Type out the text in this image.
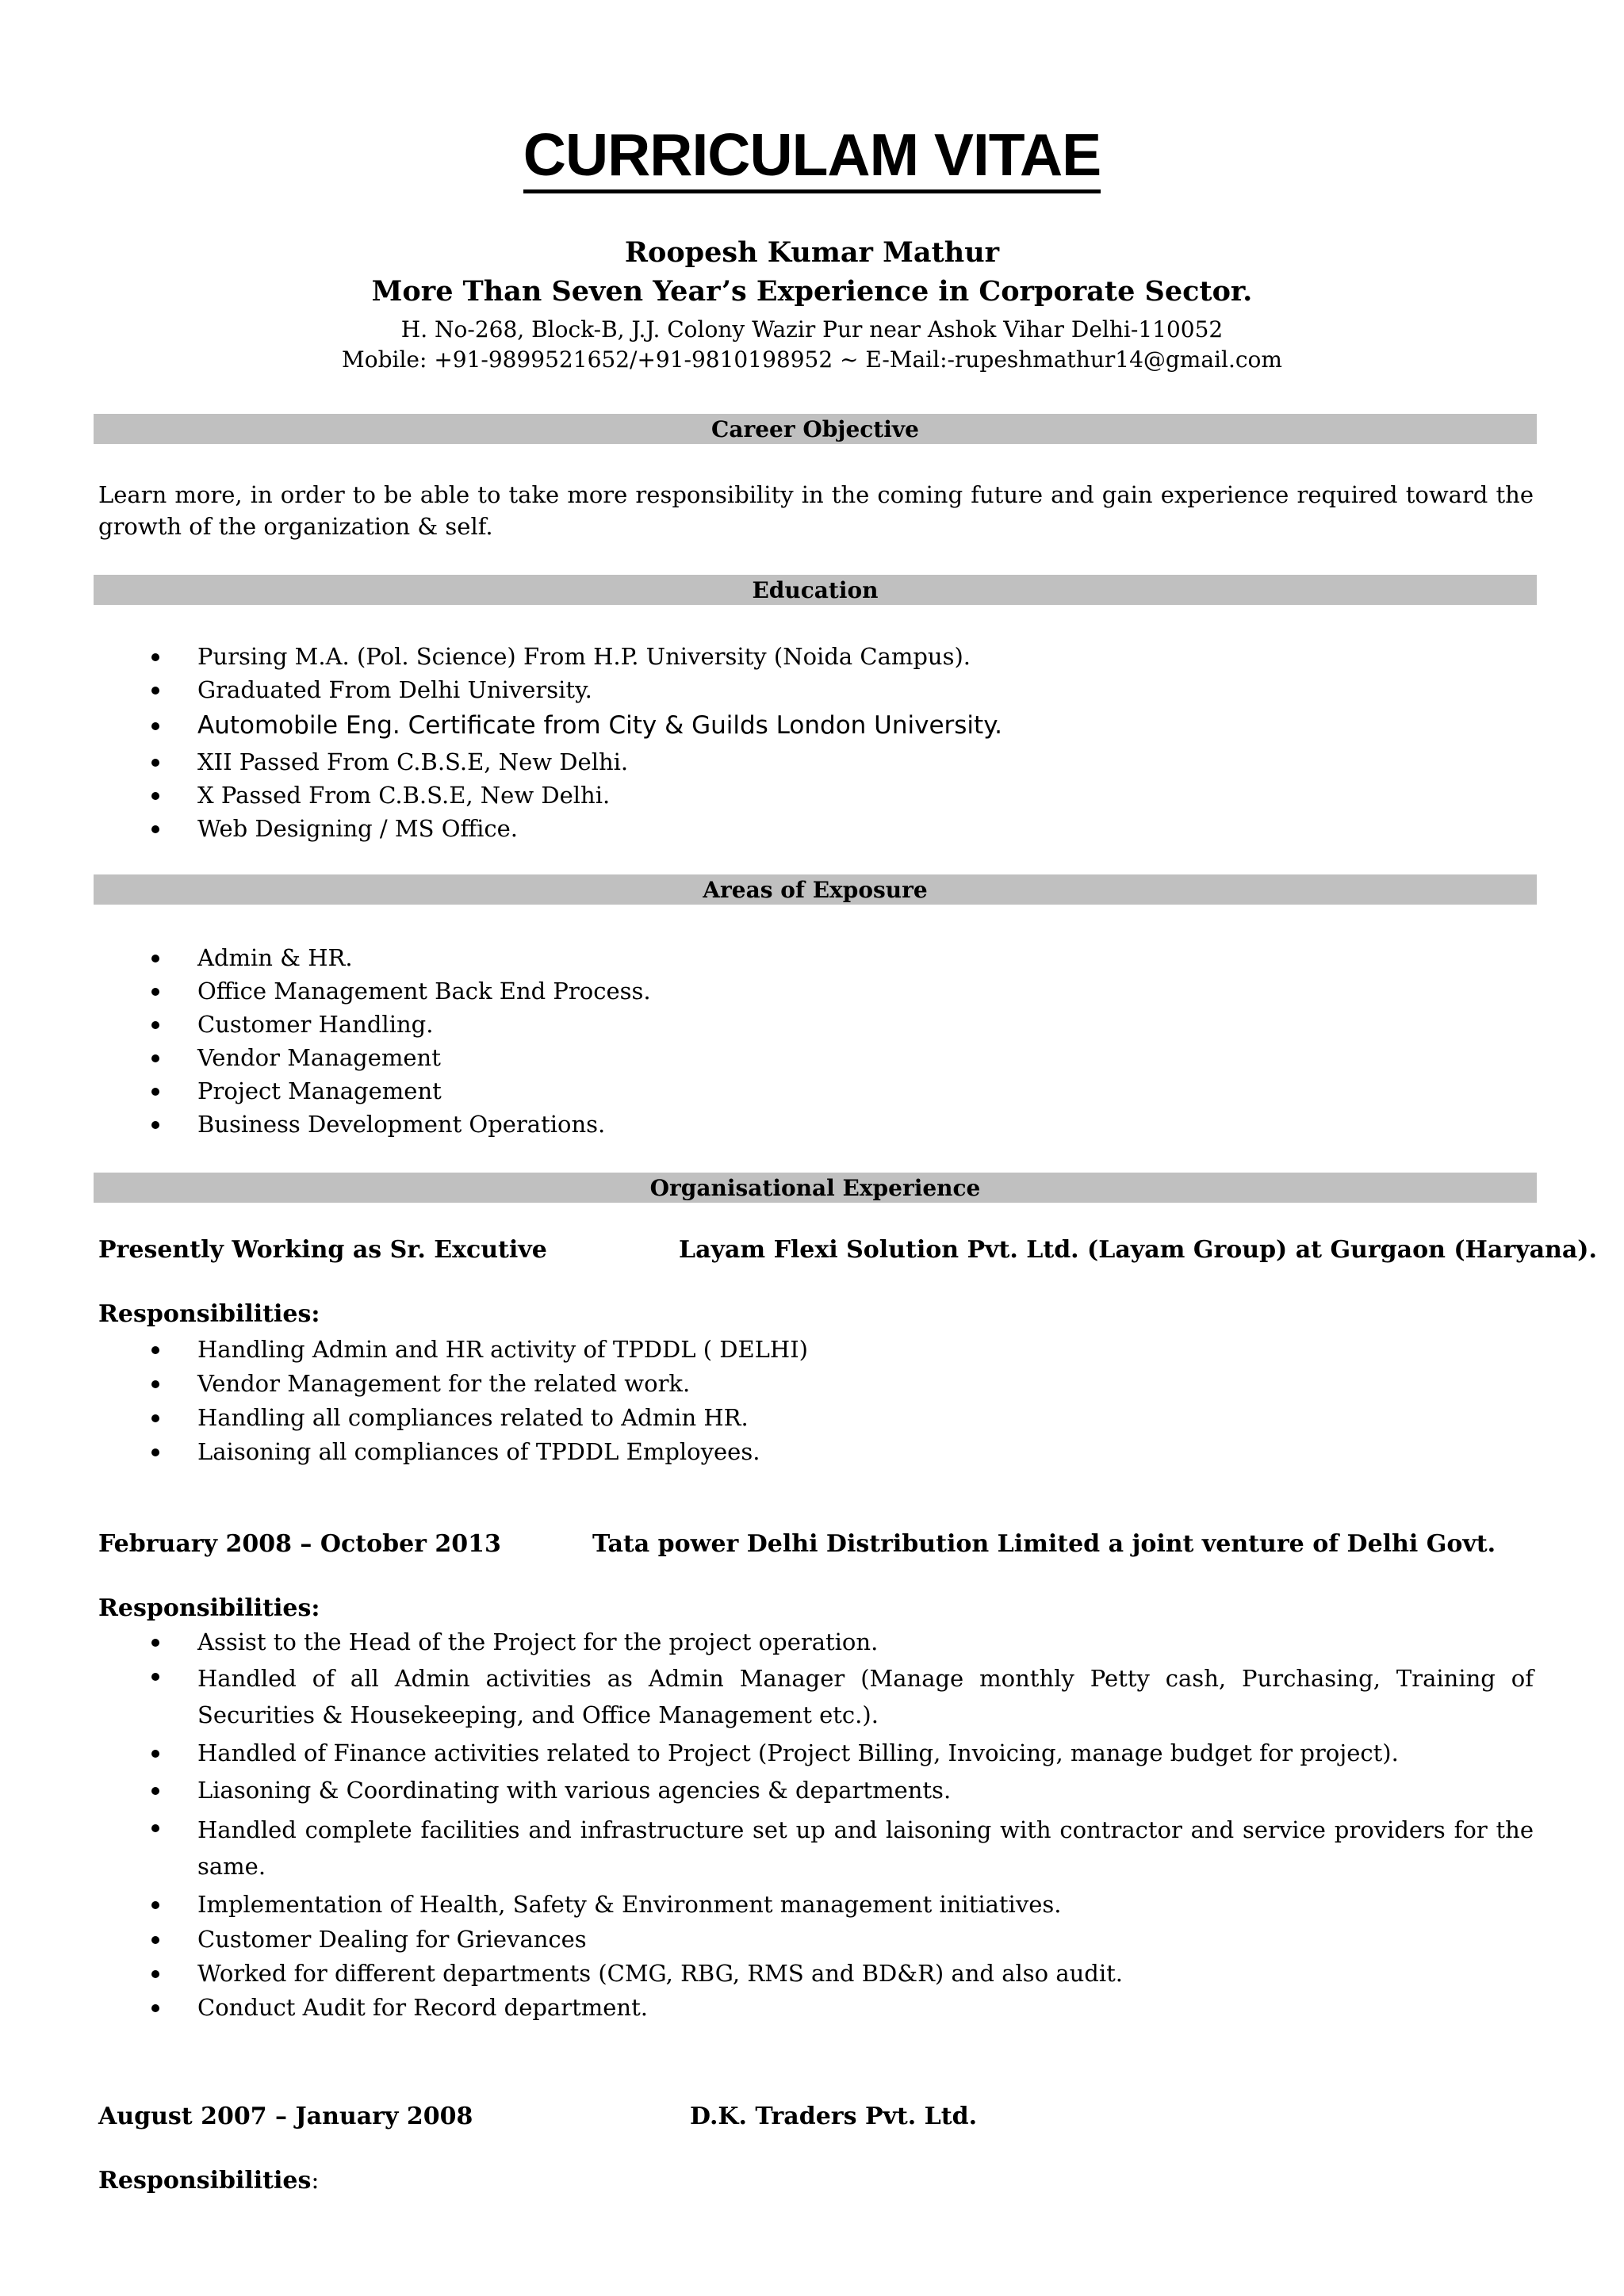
CURRICULAM VITAE
Roopesh Kumar Mathur
More Than Seven Year’s Experience in Corporate Sector.
H. No-268, Block-B, J.J. Colony Wazir Pur near Ashok Vihar Delhi-110052
Mobile: +91-9899521652/+91-9810198952 ~ E-Mail:-rupeshmathur14@gmail.com
Career Objective
Learn more, in order to be able to take more responsibility in the coming future and gain experience required toward the growth of the organization & self.
Education
Pursing M.A. (Pol. Science) From H.P. University (Noida Campus).
Graduated From Delhi University.
Automobile Eng. Certificate from City & Guilds London University.
XII Passed From C.B.S.E, New Delhi.
X Passed From C.B.S.E, New Delhi.
Web Designing / MS Office.
Areas of Exposure
Admin & HR.
Office Management Back End Process.
Customer Handling.
Vendor Management
Project Management
Business Development Operations.
Organisational Experience
Presently Working as Sr. Excutive	Layam Flexi Solution Pvt. Ltd. (Layam Group) at Gurgaon (Haryana).
Responsibilities:
Handling Admin and HR activity of TPDDL ( DELHI)
Vendor Management for the related work.
Handling all compliances related to Admin HR.
Laisoning all compliances of TPDDL Employees.
February 2008 – October 2013	Tata power Delhi Distribution Limited a joint venture of Delhi Govt.
Responsibilities:
Assist to the Head of the Project for the project operation.
Handled of all Admin activities as Admin Manager (Manage monthly Petty cash, Purchasing, Training of Securities & Housekeeping, and Office Management etc.).
Handled of Finance activities related to Project (Project Billing, Invoicing, manage budget for project).
Liasoning & Coordinating with various agencies & departments.
Handled complete facilities and infrastructure set up and laisoning with contractor and service providers for the same.
Implementation of Health, Safety & Environment management initiatives.
Customer Dealing for Grievances
Worked for different departments (CMG, RBG, RMS and BD&R) and also audit.
Conduct Audit for Record department.
August 2007 – January 2008	D.K. Traders Pvt. Ltd.
Responsibilities:
